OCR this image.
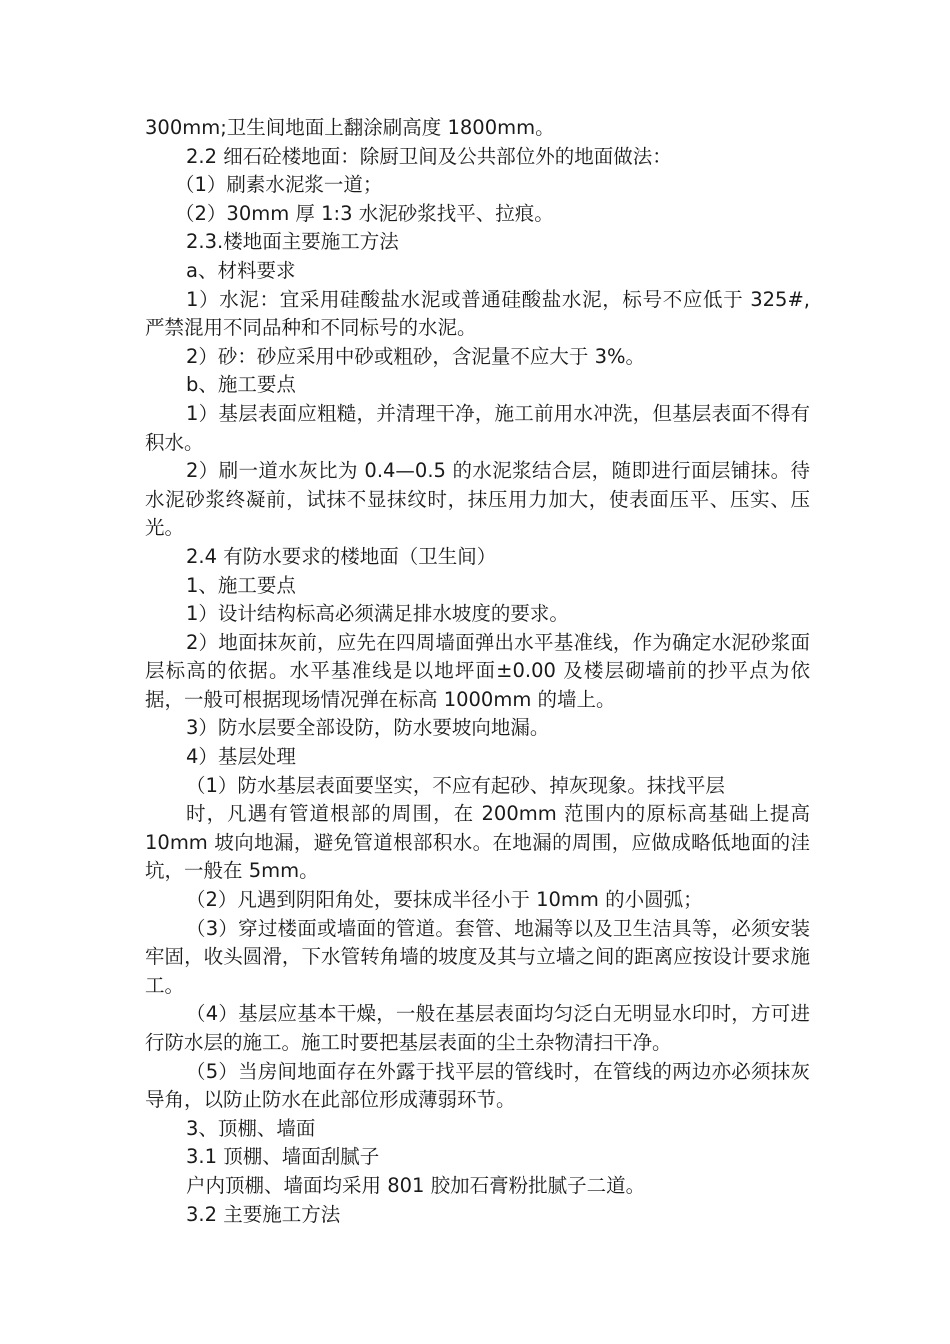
300mm;卫生间地面上翻涂刷高度 1800mm。

2.2 细石砼楼地面：除厨卫间及公共部位外的地面做法：

（1）刷素水泥浆一道；

（2）30mm 厚 1:3 水泥砂浆找平、拉痕。

2.3.楼地面主要施工方法

a、材料要求

1）水泥：宜采用硅酸盐水泥或普通硅酸盐水泥，标号不应低于 325#, 严禁混用不同品种和不同标号的水泥。

2）砂：砂应采用中砂或粗砂，含泥量不应大于 3%。

b、施工要点

1）基层表面应粗糙，并清理干净，施工前用水冲洗，但基层表面不得有积水。

2）刷一道水灰比为 0.4—0.5 的水泥浆结合层，随即进行面层铺抹。待水泥砂浆终凝前，试抹不显抹纹时，抹压用力加大，使表面压平、压实、压光。

2.4 有防水要求的楼地面（卫生间）

1、施工要点

1）设计结构标高必须满足排水坡度的要求。

2）地面抹灰前，应先在四周墙面弹出水平基准线，作为确定水泥砂浆面层标高的依据。水平基准线是以地坪面±0.00 及楼层砌墙前的抄平点为依据，一般可根据现场情况弹在标高 1000mm 的墙上。

3）防水层要全部设防，防水要坡向地漏。

4）基层处理

（1）防水基层表面要坚实，不应有起砂、掉灰现象。抹找平层

时，凡遇有管道根部的周围，在 200mm 范围内的原标高基础上提高 10mm 坡向地漏，避免管道根部积水。在地漏的周围，应做成略低地面的洼坑，一般在 5mm。

（2）凡遇到阴阳角处，要抹成半径小于 10mm 的小圆弧；

（3）穿过楼面或墙面的管道。套管、地漏等以及卫生洁具等，必须安装牢固，收头圆滑，下水管转角墙的坡度及其与立墙之间的距离应按设计要求施工。

（4）基层应基本干燥，一般在基层表面均匀泛白无明显水印时，方可进行防水层的施工。施工时要把基层表面的尘土杂物清扫干净。

（5）当房间地面存在外露于找平层的管线时，在管线的两边亦必须抹灰导角，以防止防水在此部位形成薄弱环节。

3、顶棚、墙面

3.1 顶棚、墙面刮腻子

户内顶棚、墙面均采用 801 胶加石膏粉批腻子二道。

3.2 主要施工方法
